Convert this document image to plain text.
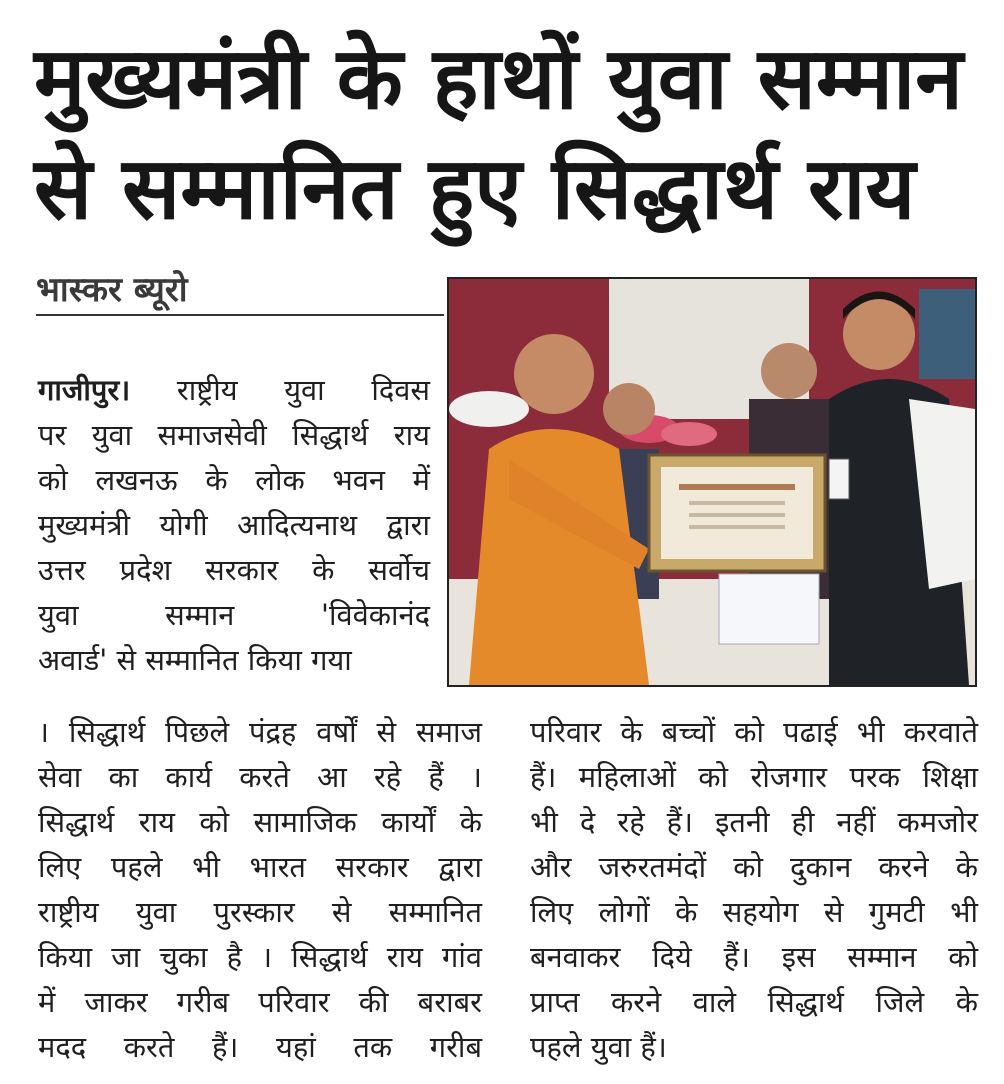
मुख्यमंत्री के हाथों युवा सम्मान
से सम्मानित हुए सिद्धार्थ राय
भास्कर ब्यूरो

गाजीपुर। राष्ट्रीय युवा दिवस

पर युवा समाजसेवी सिद्धार्थ राय

को लखनऊ के लोक भवन में

मुख्यमंत्री योगी आदित्यनाथ द्वारा

उत्तर प्रदेश सरकार के सर्वोच

युवा सम्मान 'विवेकानंद

अवार्ड' से सम्मानित किया गया

। सिद्धार्थ पिछले पंद्रह वर्षों से समाज

सेवा का कार्य करते आ रहे हैं ।

सिद्धार्थ राय को सामाजिक कार्यों के

लिए पहले भी भारत सरकार द्वारा

राष्ट्रीय युवा पुरस्कार से सम्मानित

किया जा चुका है । सिद्धार्थ राय गांव

में जाकर गरीब परिवार की बराबर

मदद करते हैं। यहां तक गरीब

परिवार के बच्चों को पढाई भी करवाते

हैं। महिलाओं को रोजगार परक शिक्षा

भी दे रहे हैं। इतनी ही नहीं कमजोर

और जरुरतमंदों को दुकान करने के

लिए लोगों के सहयोग से गुमटी भी

बनवाकर दिये हैं। इस सम्मान को

प्राप्त करने वाले सिद्धार्थ जिले के

पहले युवा हैं।
